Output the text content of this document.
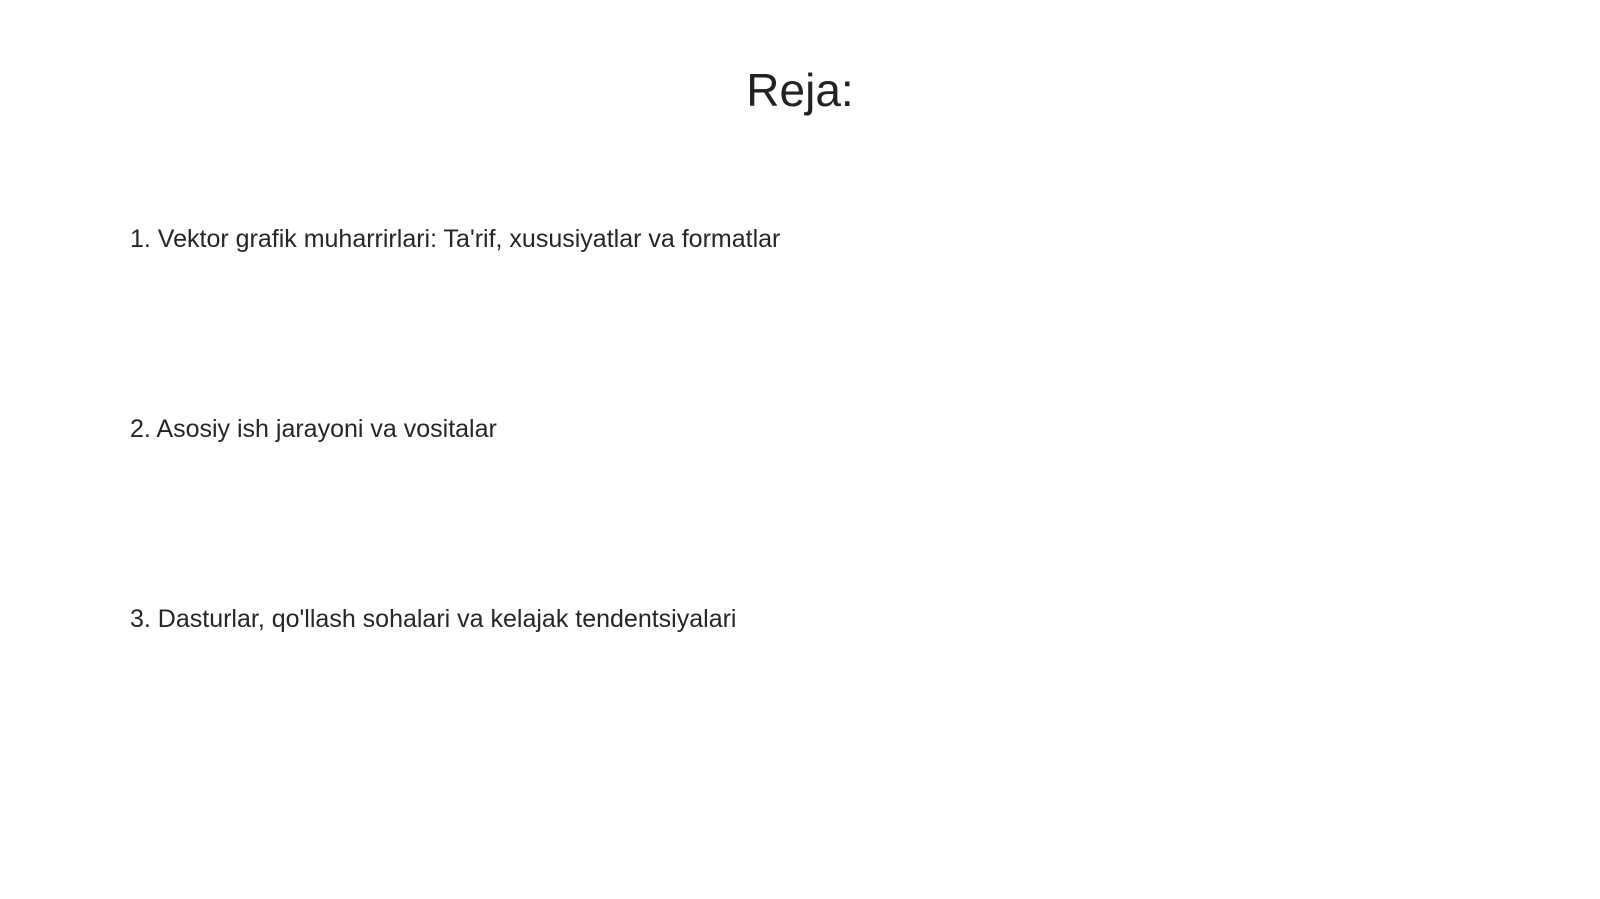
Reja:
1. Vektor grafik muharrirlari: Ta'rif, xususiyatlar va formatlar
2. Asosiy ish jarayoni va vositalar
3. Dasturlar, qo'llash sohalari va kelajak tendentsiyalari
